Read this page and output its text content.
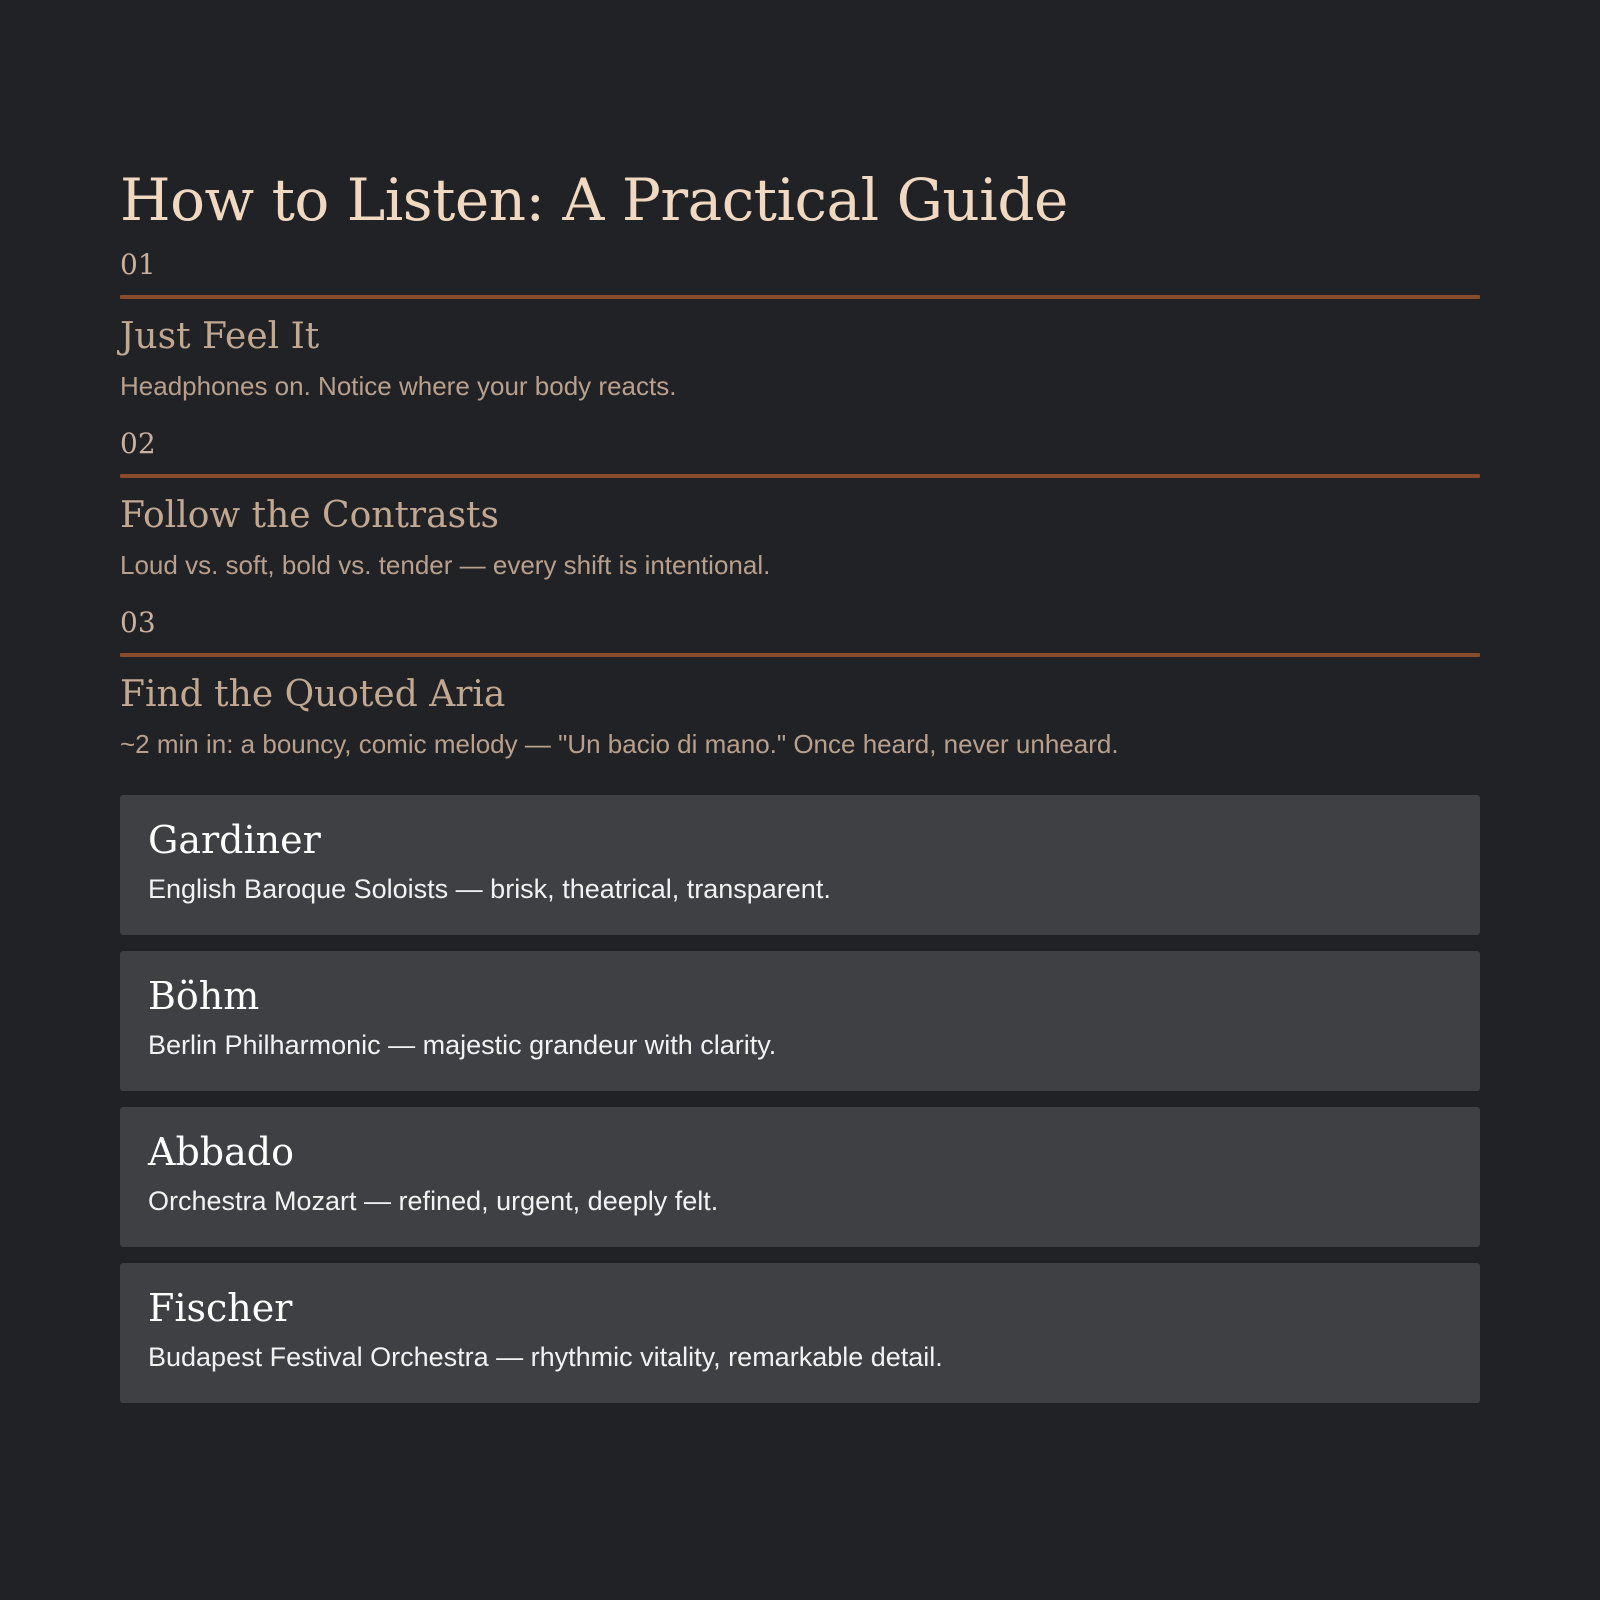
How to Listen: A Practical Guide
01
Just Feel It
Headphones on. Notice where your body reacts.
02
Follow the Contrasts
Loud vs. soft, bold vs. tender — every shift is intentional.
03
Find the Quoted Aria
~2 min in: a bouncy, comic melody — "Un bacio di mano." Once heard, never unheard.
Gardiner
English Baroque Soloists — brisk, theatrical, transparent.
Böhm
Berlin Philharmonic — majestic grandeur with clarity.
Abbado
Orchestra Mozart — refined, urgent, deeply felt.
Fischer
Budapest Festival Orchestra — rhythmic vitality, remarkable detail.
